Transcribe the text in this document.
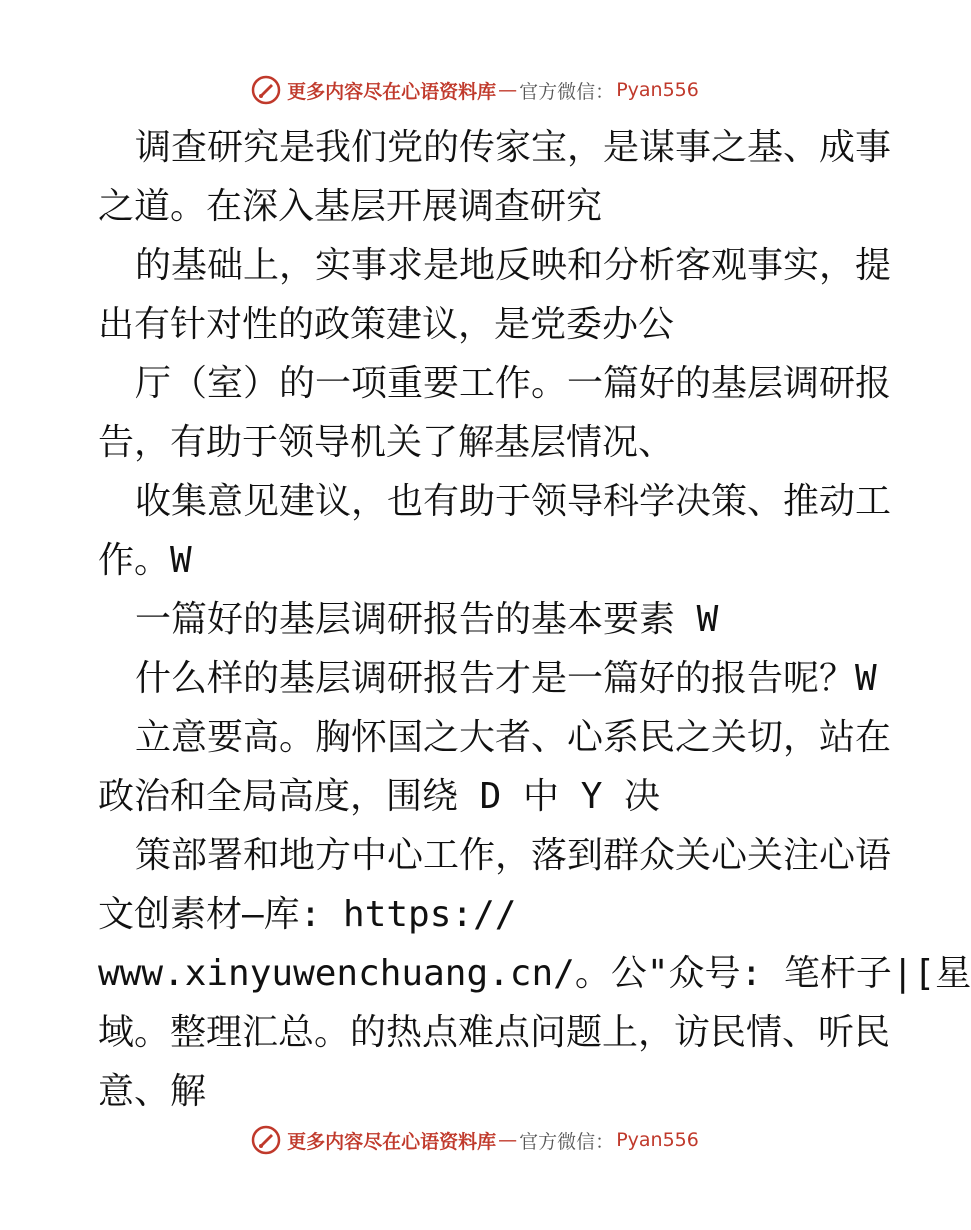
更多内容尽在心语资料库 — 官方微信： Pyan556
调查研究是我们党的传家宝，是谋事之基、成事
之道。在深入基层开展调查研究
的基础上，实事求是地反映和分析客观事实，提
出有针对性的政策建议，是党委办公
厅（室）的一项重要工作。一篇好的基层调研报
告，有助于领导机关了解基层情况、
收集意见建议，也有助于领导科学决策、推动工
作。W
一篇好的基层调研报告的基本要素 W
什么样的基层调研报告才是一篇好的报告呢？W
立意要高。胸怀国之大者、心系民之关切，站在
政治和全局高度，围绕 D 中 Y 决
策部署和地方中心工作，落到群众关心关注心语
文创素材—库: https://
www.xinyuwenchuang.cn/。公"众号: 笔杆子|[星
域。整理汇总。的热点难点问题上，访民情、听民
意、解
更多内容尽在心语资料库 — 官方微信： Pyan556
